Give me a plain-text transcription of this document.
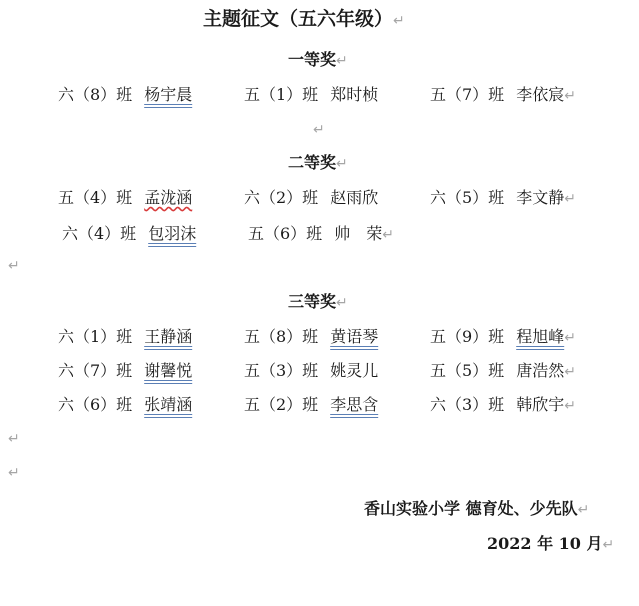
主题征文（五六年级）↵
一等奖↵
六（8）班 杨宇晨	五（1）班 郑时桢	五（7）班 李依宸↵
↵
二等奖↵
五（4）班 孟泷涵	六（2）班 赵雨欣	六（5）班 李文静↵
六（4）班 包羽沫	五（6）班 帅　荣↵
↵
三等奖↵
六（1）班 王静涵	五（8）班 黄语琴	五（9）班 程旭峰↵
六（7）班 谢馨悦	五（3）班 姚灵儿	五（5）班 唐浩然↵
六（6）班 张靖涵	五（2）班 李思含	六（3）班 韩欣宇↵
↵
↵
香山实验小学 德育处、少先队↵
2022 年 10 月↵
